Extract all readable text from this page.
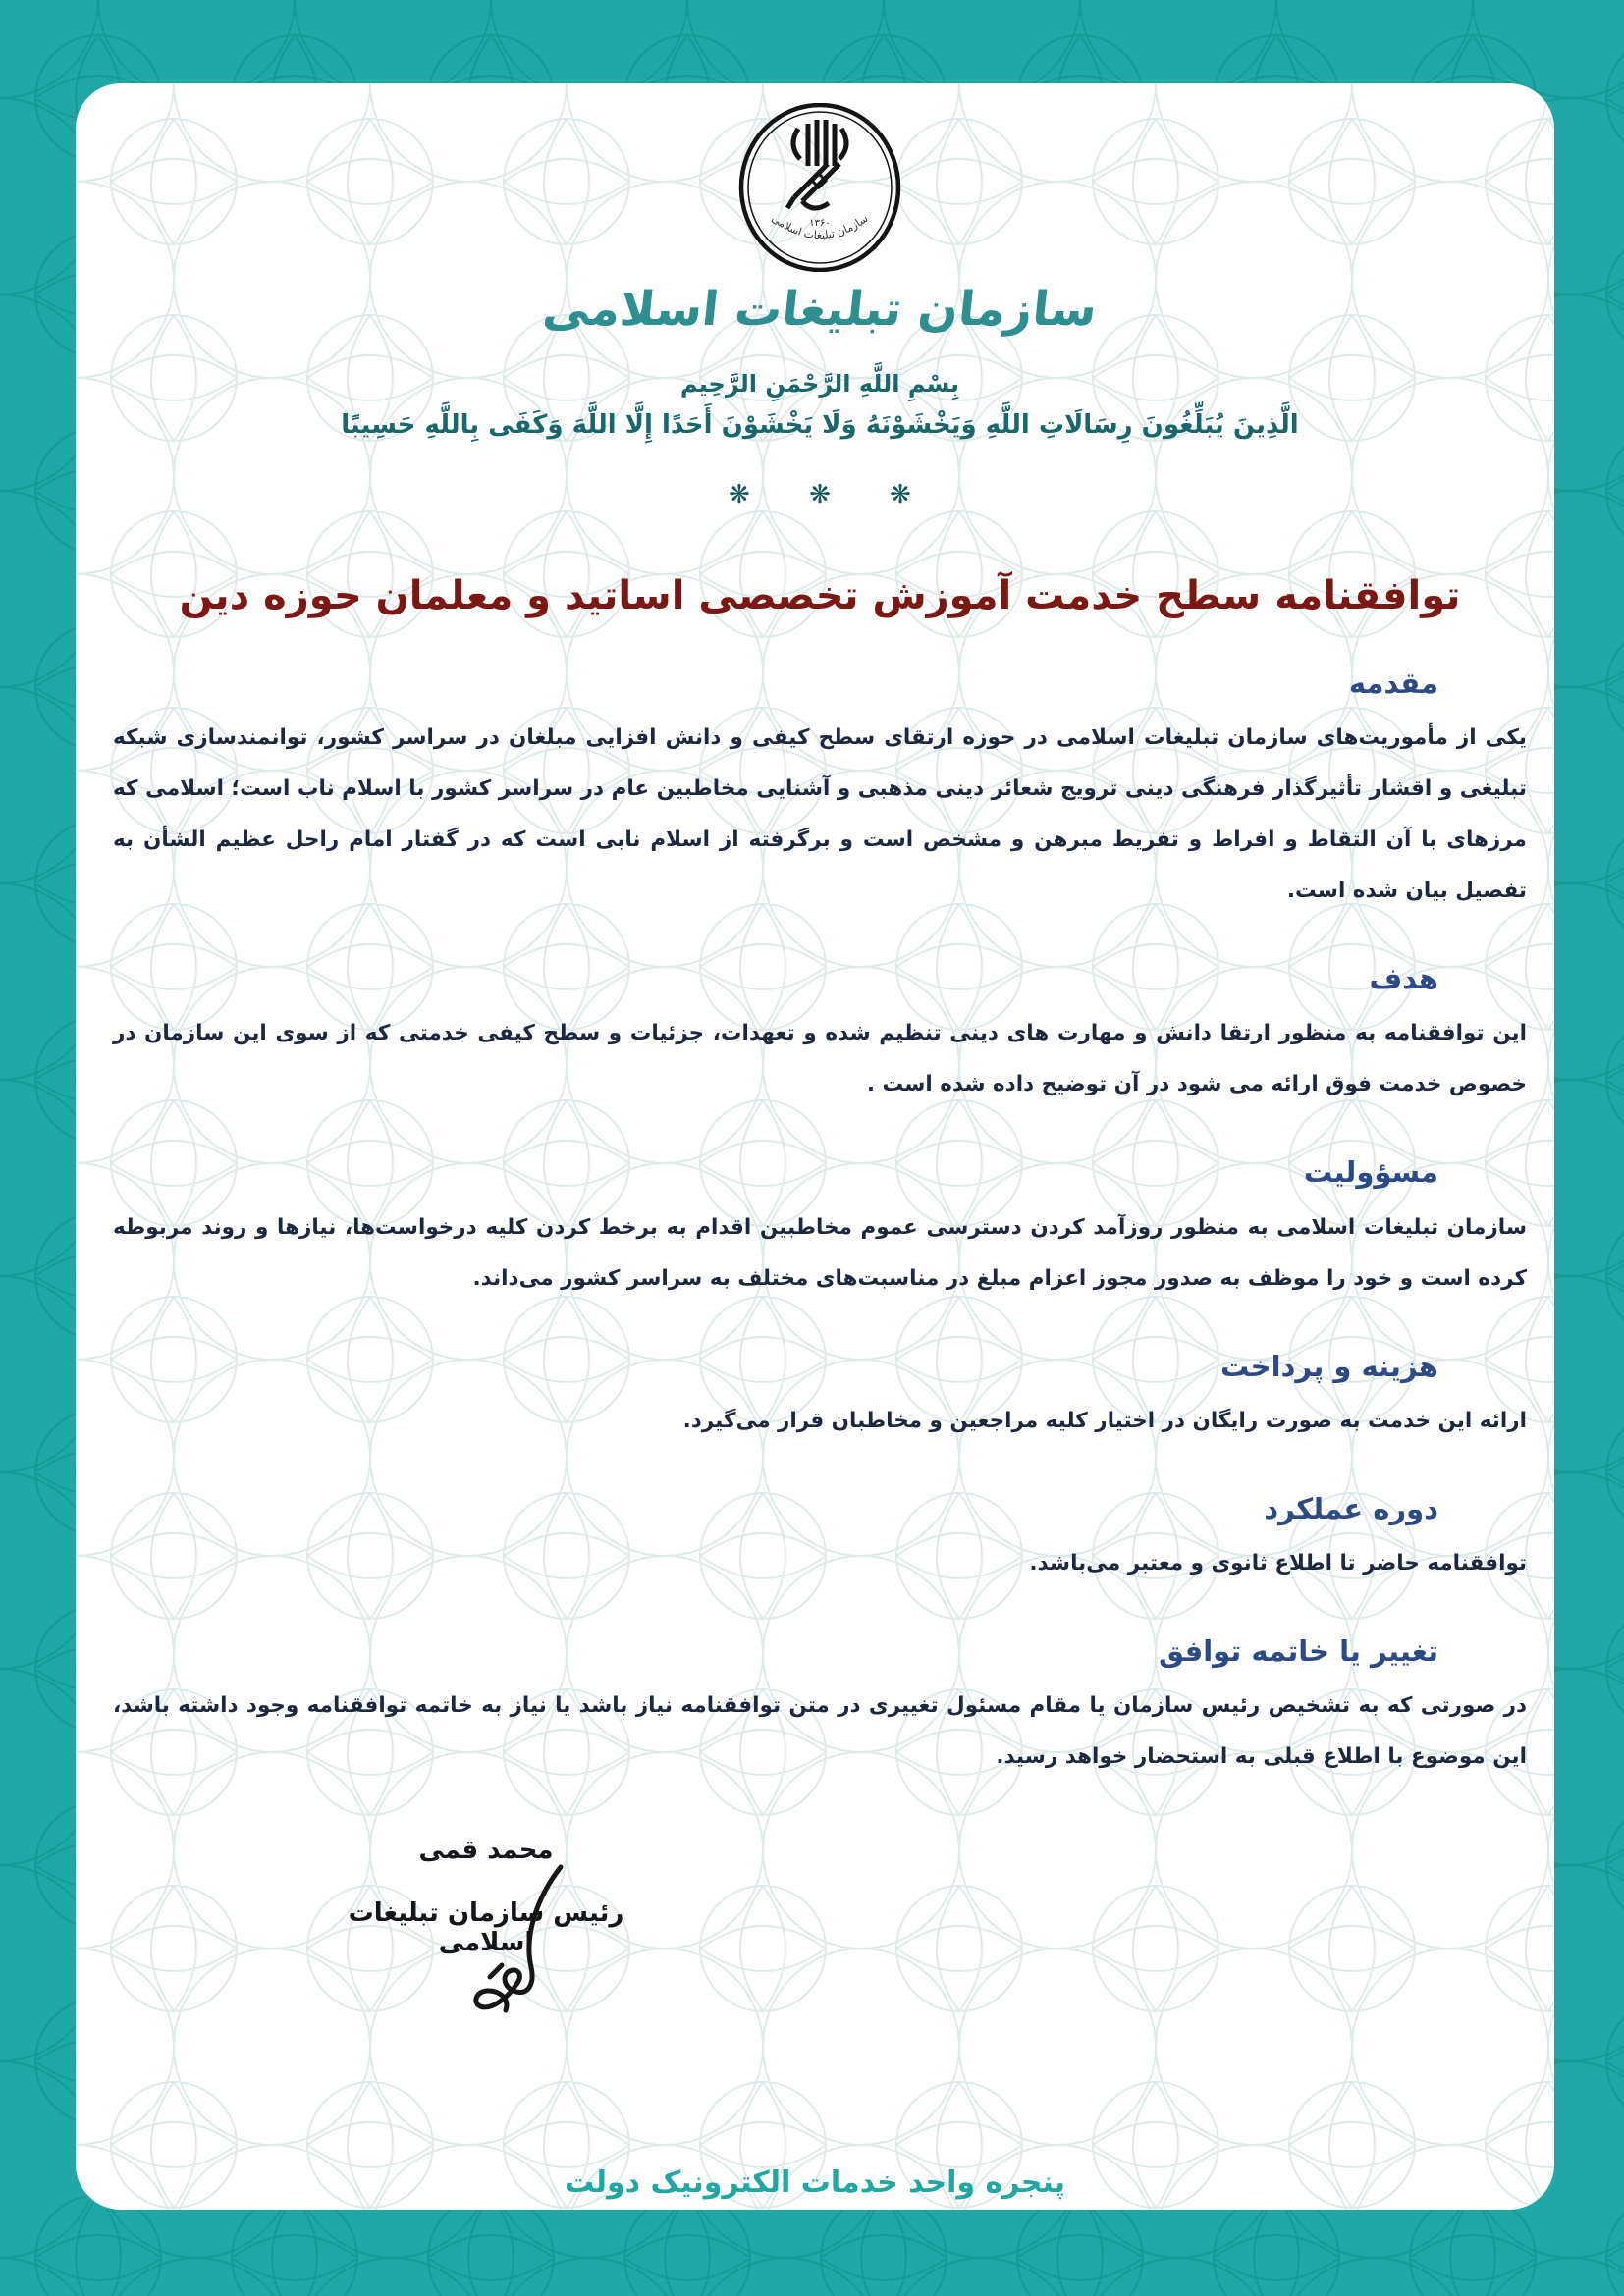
۱۳۶۰
سازمان تبلیغات اسلامی
سازمان تبلیغات اسلامی
بِسْمِ اللَّهِ الرَّحْمَنِ الرَّحِيم
الَّذِينَ يُبَلِّغُونَ رِسَالَاتِ اللَّهِ وَيَخْشَوْنَهُ وَلَا يَخْشَوْنَ أَحَدًا إِلَّا اللَّهَ وَكَفَى بِاللَّهِ حَسِيبًا
❋ ❋ ❋
توافقنامه سطح خدمت آموزش تخصصی اساتید و معلمان حوزه دین
مقدمه

یکی از مأموریت‌های سازمان تبلیغات اسلامی در حوزه ارتقای سطح کیفی و دانش افزایی مبلغان در سراسر کشور، توانمندسازی شبکه تبلیغی و اقشار تأثیرگذار فرهنگی دینی ترویج شعائر دینی مذهبی و آشنایی مخاطبین عام در سراسر کشور با اسلام ناب است؛ اسلامی که مرزهای با آن التقاط و افراط و تفریط مبرهن و مشخص است و برگرفته از اسلام نابی است که در گفتار امام راحل عظیم الشأن به تفصیل بیان شده است.

هدف

این توافقنامه به منظور ارتقا دانش و مهارت های دینی تنظیم شده و تعهدات، جزئیات و سطح کیفی خدمتی که از سوی این سازمان در خصوص خدمت فوق ارائه می شود در آن توضیح داده شده است .

مسؤولیت

سازمان تبلیغات اسلامی به منظور روزآمد کردن دسترسی عموم مخاطبین اقدام به برخط کردن کلیه درخواست‌ها، نیازها و روند مربوطه کرده است و خود را موظف به صدور مجوز اعزام مبلغ در مناسبت‌های مختلف به سراسر کشور می‌داند.

هزینه و پرداخت

ارائه این خدمت به صورت رایگان در اختیار کلیه مراجعین و مخاطبان قرار می‌گیرد.

دوره عملکرد

توافقنامه حاضر تا اطلاع ثانوی و معتبر می‌باشد.

تغییر یا خاتمه توافق

در صورتی که به تشخیص رئیس سازمان یا مقام مسئول تغییری در متن توافقنامه نیاز باشد یا نیاز به خاتمه توافقنامه وجود داشته باشد، این موضوع با اطلاع قبلی به استحضار خواهد رسید.

محمد قمی
رئیس سازمان تبلیغات اسلامی
پنجره واحد خدمات الکترونیک دولت
